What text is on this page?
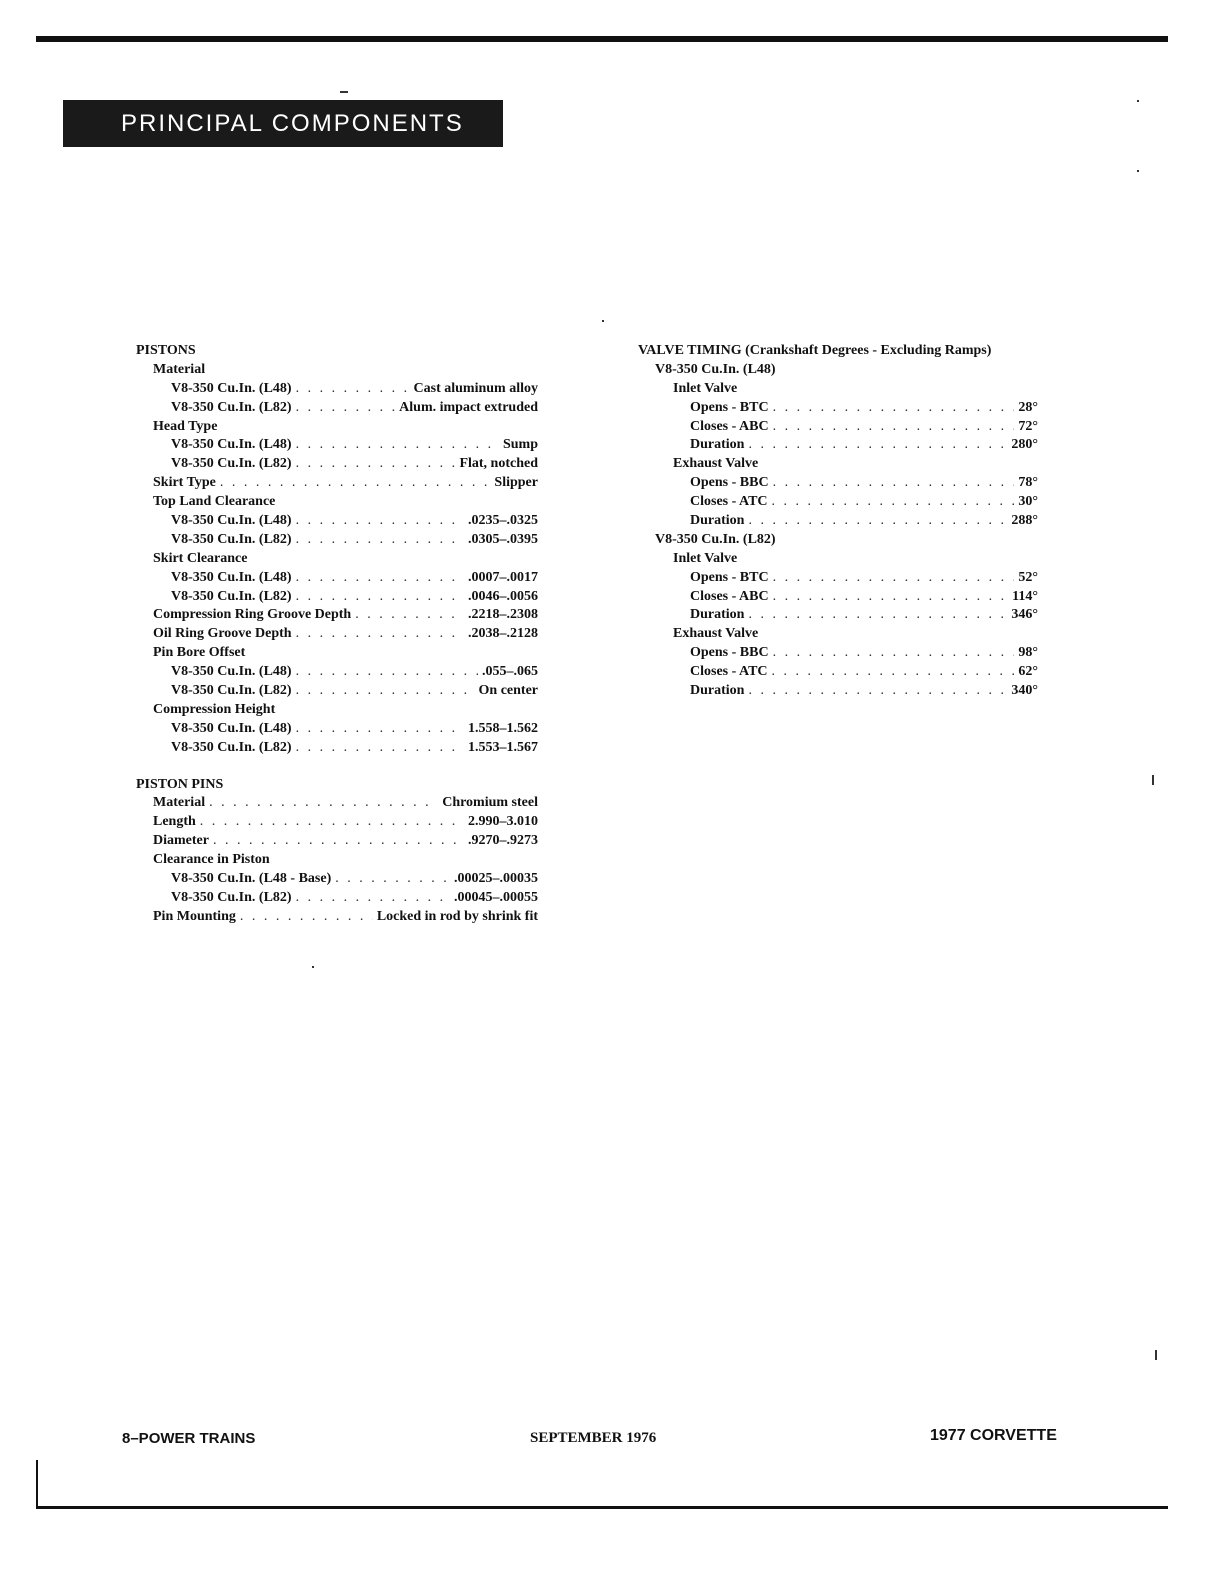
PRINCIPAL COMPONENTS
PISTONS
Material
V8-350 Cu.In. (L48) . . .	Cast aluminum alloy
V8-350 Cu.In. (L82) . . .	Alum. impact extruded
Head Type
V8-350 Cu.In. (L48) . . .	Sump
V8-350 Cu.In. (L82) . . .	Flat, notched
Skirt Type . . .	Slipper
Top Land Clearance
V8-350 Cu.In. (L48) . . .	.0235–.0325
V8-350 Cu.In. (L82) . . .	.0305–.0395
Skirt Clearance
V8-350 Cu.In. (L48) . . .	.0007–.0017
V8-350 Cu.In. (L82) . . .	.0046–.0056
Compression Ring Groove Depth . . .	.2218–.2308
Oil Ring Groove Depth . . .	.2038–.2128
Pin Bore Offset
V8-350 Cu.In. (L48) . . .	.055–.065
V8-350 Cu.In. (L82) . . .	On center
Compression Height
V8-350 Cu.In. (L48) . . .	1.558–1.562
V8-350 Cu.In. (L82) . . .	1.553–1.567
PISTON PINS
Material . . .	Chromium steel
Length . . .	2.990–3.010
Diameter . . .	.9270–.9273
Clearance in Piston
V8-350 Cu.In. (L48 - Base) . . .	.00025–.00035
V8-350 Cu.In. (L82) . . .	.00045–.00055
Pin Mounting . . .	Locked in rod by shrink fit
VALVE TIMING (Crankshaft Degrees - Excluding Ramps)
V8-350 Cu.In. (L48)
Inlet Valve
Opens - BTC . . .	28°
Closes - ABC . . .	72°
Duration . . .	280°
Exhaust Valve
Opens - BBC . . .	78°
Closes - ATC . . .	30°
Duration . . .	288°
V8-350 Cu.In. (L82)
Inlet Valve
Opens - BTC . . .	52°
Closes - ABC . . .	114°
Duration . . .	346°
Exhaust Valve
Opens - BBC . . .	98°
Closes - ATC . . .	62°
Duration . . .	340°
8–POWER TRAINS	SEPTEMBER 1976	1977 CORVETTE
